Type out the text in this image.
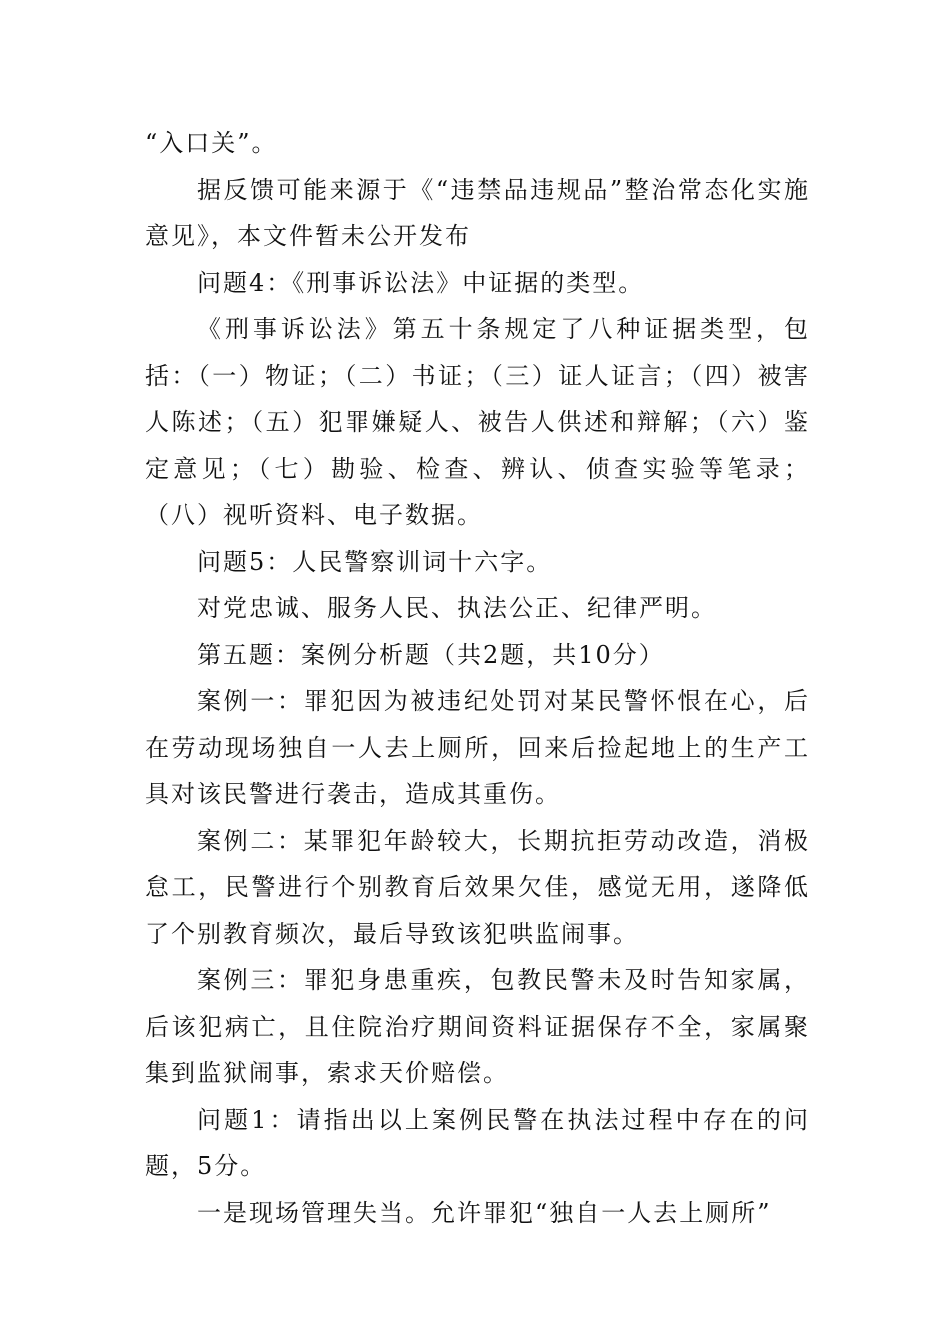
“入口关”。

据反馈可能来源于《“违禁品违规品”整治常态化实施意见》，本文件暂未公开发布

问题4：《刑事诉讼法》中证据的类型。

《刑事诉讼法》第五十条规定了八种证据类型，包括：（一）物证；（二）书证；（三）证人证言；（四）被害人陈述；（五）犯罪嫌疑人、被告人供述和辩解；（六）鉴定意见；（七）勘验、检查、辨认、侦查实验等笔录；（八）视听资料、电子数据。

问题5：人民警察训词十六字。

对党忠诚、服务人民、执法公正、纪律严明。

第五题：案例分析题（共2题，共10分）

案例一：罪犯因为被违纪处罚对某民警怀恨在心，后在劳动现场独自一人去上厕所，回来后捡起地上的生产工具对该民警进行袭击，造成其重伤。

案例二：某罪犯年龄较大，长期抗拒劳动改造，消极怠工，民警进行个别教育后效果欠佳，感觉无用，遂降低了个别教育频次，最后导致该犯哄监闹事。

案例三：罪犯身患重疾，包教民警未及时告知家属，后该犯病亡，且住院治疗期间资料证据保存不全，家属聚集到监狱闹事，索求天价赔偿。

问题1：请指出以上案例民警在执法过程中存在的问题，5分。

一是现场管理失当。允许罪犯“独自一人去上厕所”
